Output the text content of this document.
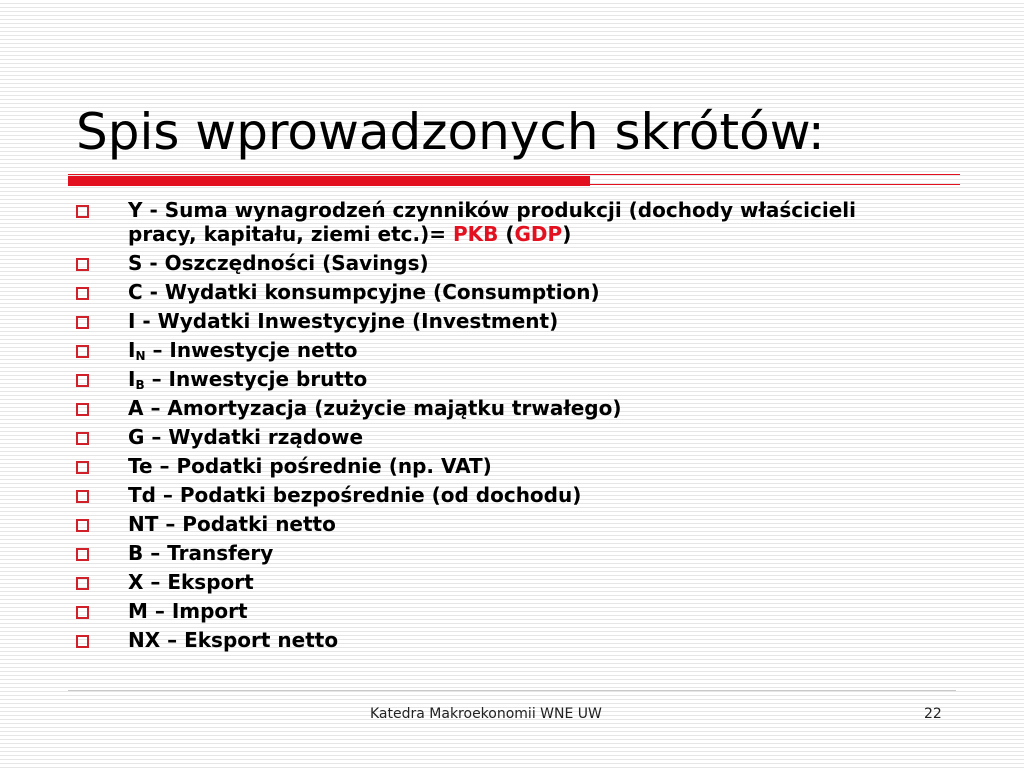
Spis wprowadzonych skrótów:
Y - Suma wynagrodzeń czynników produkcji (dochody właścicieli pracy, kapitału, ziemi etc.)= PKB (GDP)
S - Oszczędności (Savings)
C - Wydatki konsumpcyjne (Consumption)
I - Wydatki Inwestycyjne (Investment)
$I_N$ – Inwestycje netto
$I_B$ – Inwestycje brutto
A – Amortyzacja (zużycie majątku trwałego)
G – Wydatki rządowe
Te – Podatki pośrednie (np. VAT)
Td – Podatki bezpośrednie (od dochodu)
NT – Podatki netto
B – Transfery
X – Eksport
M – Import
NX – Eksport netto
Katedra Makroekonomii WNE UW	22
